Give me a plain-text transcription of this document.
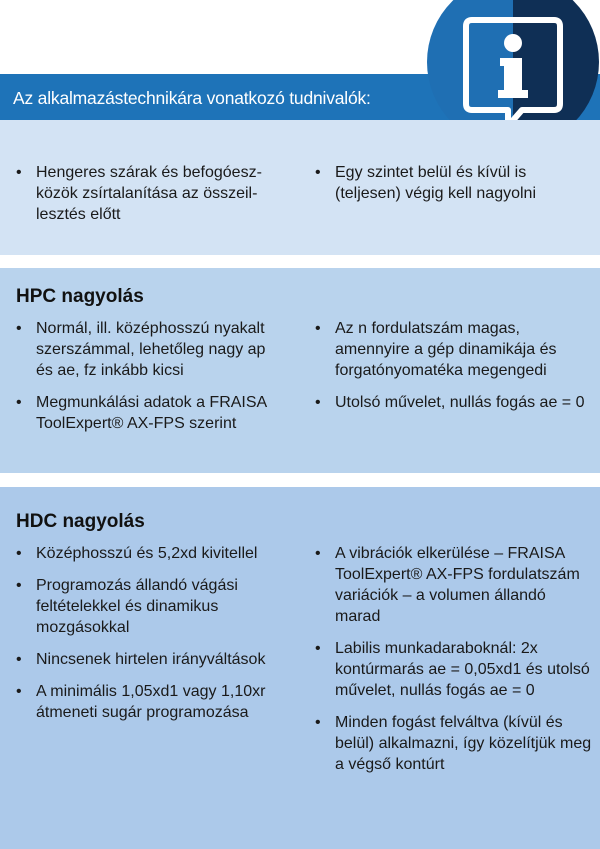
Az alkalmazástechnikára vonatkozó tudnivalók:
• Hengeres szárak és befogóeszközök zsírtalanítása az összeillesztés előtt
• Egy szintet belül és kívül is (teljesen) végig kell nagyolni
HPC nagyolás
• Normál, ill. középhosszú nyakalt szerszámmal, lehetőleg nagy ap és ae, fz inkább kicsi
• Megmunkálási adatok a FRAISA ToolExpert® AX-FPS szerint
• Az n fordulatszám magas, amennyire a gép dinamikája és forgatónyomatéka megengedi
• Utolsó művelet, nullás fogás ae = 0
HDC nagyolás
• Középhosszú és 5,2xd kivitellel
• Programozás állandó vágási feltételekkel és dinamikus mozgásokkal
• Nincsenek hirtelen irányváltások
• A minimális 1,05xd1 vagy 1,10xr átmeneti sugár programozása
• A vibrációk elkerülése – FRAISA ToolExpert® AX-FPS fordulatszám variációk – a volumen állandó marad
• Labilis munkadaraboknál: 2x kontúrmarás ae = 0,05xd1 és utolsó művelet, nullás fogás ae = 0
• Minden fogást felváltva (kívül és belül) alkalmazni, így közelítjük meg a végső kontúrt
